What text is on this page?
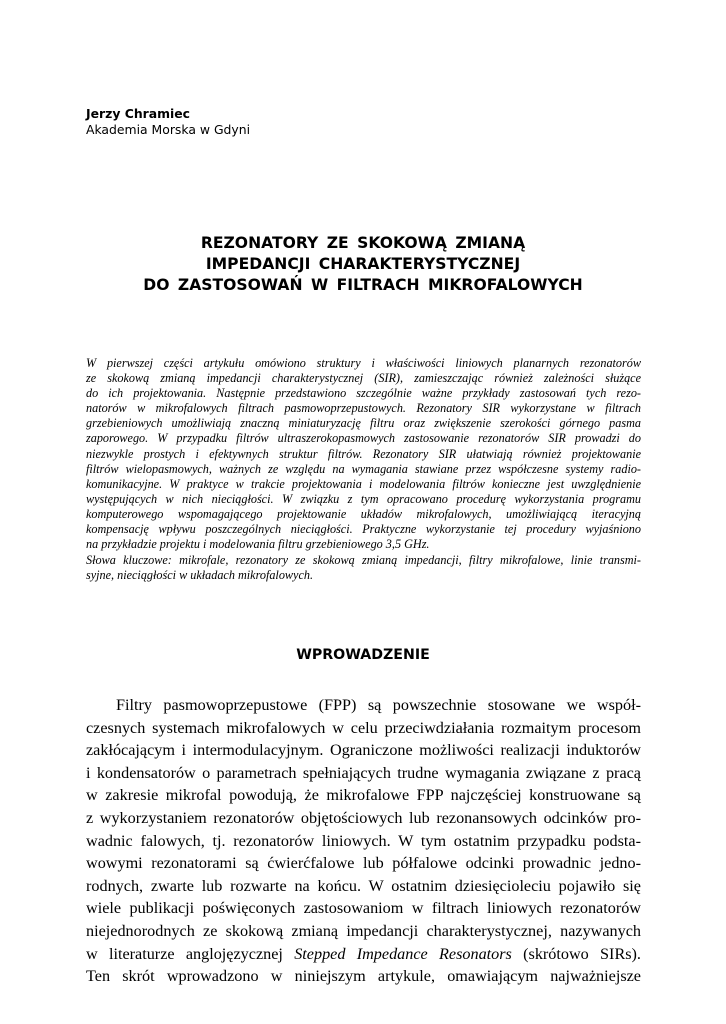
Jerzy Chramiec
Akademia Morska w Gdyni
REZONATORY ZE SKOKOWĄ ZMIANĄ
IMPEDANCJI CHARAKTERYSTYCZNEJ
DO ZASTOSOWAŃ W FILTRACH MIKROFALOWYCH
W pierwszej części artykułu omówiono struktury i właściwości liniowych planarnych rezonatorów
ze skokową zmianą impedancji charakterystycznej (SIR), zamieszczając również zależności służące
do ich projektowania. Następnie przedstawiono szczególnie ważne przykłady zastosowań tych rezo-
natorów w mikrofalowych filtrach pasmowoprzepustowych. Rezonatory SIR wykorzystane w filtrach
grzebieniowych umożliwiają znaczną miniaturyzację filtru oraz zwiększenie szerokości górnego pasma
zaporowego. W przypadku filtrów ultraszerokopasmowych zastosowanie rezonatorów SIR prowadzi do
niezwykle prostych i efektywnych struktur filtrów. Rezonatory SIR ułatwiają również projektowanie
filtrów wielopasmowych, ważnych ze względu na wymagania stawiane przez współczesne systemy radio-
komunikacyjne. W praktyce w trakcie projektowania i modelowania filtrów konieczne jest uwzględnienie
występujących w nich nieciągłości. W związku z tym opracowano procedurę wykorzystania programu
komputerowego wspomagającego projektowanie układów mikrofalowych, umożliwiającą iteracyjną
kompensację wpływu poszczególnych nieciągłości. Praktyczne wykorzystanie tej procedury wyjaśniono
na przykładzie projektu i modelowania filtru grzebieniowego 3,5 GHz.
Słowa kluczowe: mikrofale, rezonatory ze skokową zmianą impedancji, filtry mikrofalowe, linie transmi-
syjne, nieciągłości w układach mikrofalowych.
WPROWADZENIE
Filtry pasmowoprzepustowe (FPP) są powszechnie stosowane we współ-
czesnych systemach mikrofalowych w celu przeciwdziałania rozmaitym procesom
zakłócającym i intermodulacyjnym. Ograniczone możliwości realizacji induktorów
i kondensatorów o parametrach spełniających trudne wymagania związane z pracą
w zakresie mikrofal powodują, że mikrofalowe FPP najczęściej konstruowane są
z wykorzystaniem rezonatorów objętościowych lub rezonansowych odcinków pro-
wadnic falowych, tj. rezonatorów liniowych. W tym ostatnim przypadku podsta-
wowymi rezonatorami są ćwierćfalowe lub półfalowe odcinki prowadnic jedno-
rodnych, zwarte lub rozwarte na końcu. W ostatnim dziesięcioleciu pojawiło się
wiele publikacji poświęconych zastosowaniom w filtrach liniowych rezonatorów
niejednorodnych ze skokową zmianą impedancji charakterystycznej, nazywanych
w literaturze anglojęzycznej Stepped Impedance Resonators (skrótowo SIRs).
Ten skrót wprowadzono w niniejszym artykule, omawiającym najważniejsze
